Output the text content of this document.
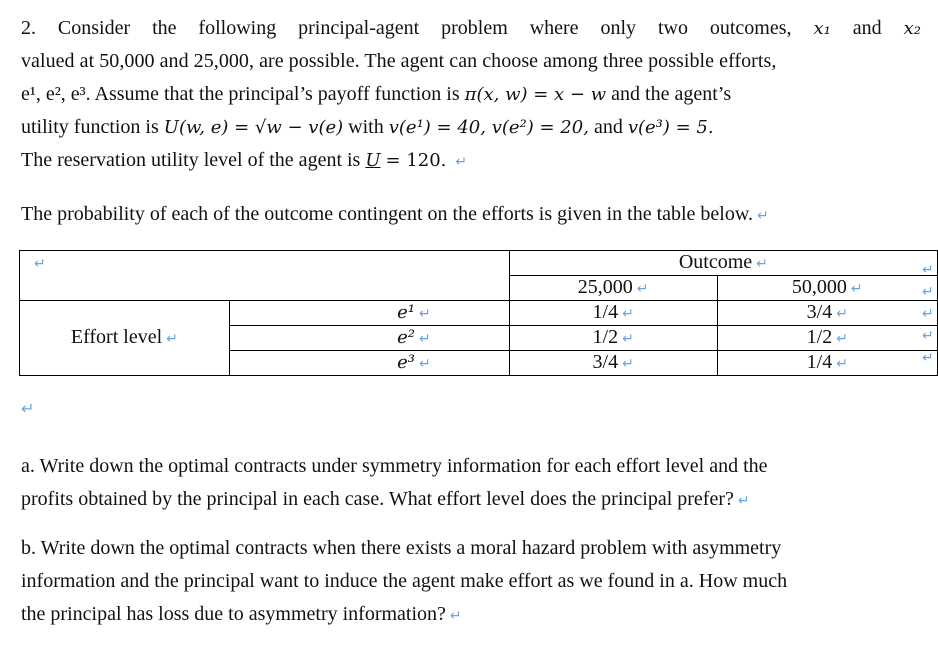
2. Consider the following principal-agent problem where only two outcomes, x₁ and x₂
valued at 50,000 and 25,000, are possible. The agent can choose among three possible efforts,
e¹, e², e³. Assume that the principal’s payoff function is π(x, w) = x − w and the agent’s
utility function is U(w, e) = √w − v(e) with v(e¹) = 40, v(e²) = 20, and v(e³) = 5.
The reservation utility level of the agent is U = 120. ↵
The probability of each of the outcome contingent on the efforts is given in the table below. ↵
↵		Outcome ↵	
		25,000 ↵	50,000 ↵
Effort level ↵	e¹ ↵	1/4 ↵	3/4 ↵
	e² ↵	1/2 ↵	1/2 ↵
	e³ ↵	3/4 ↵	1/4 ↵
↵
↵
↵
↵
↵
↵
a. Write down the optimal contracts under symmetry information for each effort level and the
profits obtained by the principal in each case. What effort level does the principal prefer? ↵
b. Write down the optimal contracts when there exists a moral hazard problem with asymmetry
information and the principal want to induce the agent make effort as we found in a. How much
the principal has loss due to asymmetry information? ↵
